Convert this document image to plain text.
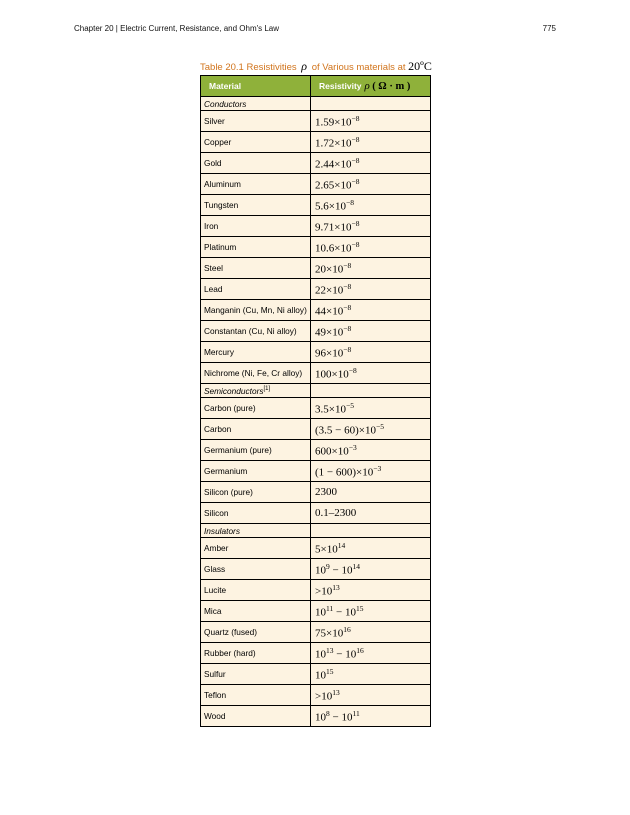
Chapter 20 | Electric Current, Resistance, and Ohm's Law	775
Table 20.1 Resistivities ρ of Various materials at 20ºC
Material	Resistivity ρ ( Ω · m )
Conductors	
Silver	$1.59\times 10^{-8}$
Copper	$1.72\times 10^{-8}$
Gold	$2.44\times 10^{-8}$
Aluminum	$2.65\times 10^{-8}$
Tungsten	$5.6\times 10^{-8}$
Iron	$9.71\times 10^{-8}$
Platinum	$10.6\times 10^{-8}$
Steel	$20\times 10^{-8}$
Lead	$22\times 10^{-8}$
Manganin (Cu, Mn, Ni alloy)	$44\times 10^{-8}$
Constantan (Cu, Ni alloy)	$49\times 10^{-8}$
Mercury	$96\times 10^{-8}$
Nichrome (Ni, Fe, Cr alloy)	$100\times 10^{-8}$
Semiconductors[1]	
Carbon (pure)	$3.5\times 10^{-5}$
Carbon	$(3.5 - 60)\times 10^{-5}$
Germanium (pure)	$600\times 10^{-3}$
Germanium	$(1 - 600)\times 10^{-3}$
Silicon (pure)	2300
Silicon	0.1–2300
Insulators	
Amber	$5\times 10^{14}$
Glass	$10^9 - 10^{14}$
Lucite	$>10^{13}$
Mica	$10^{11} - 10^{15}$
Quartz (fused)	$75\times 10^{16}$
Rubber (hard)	$10^{13} - 10^{16}$
Sulfur	$10^{15}$
Teflon	$>10^{13}$
Wood	$10^8 - 10^{11}$
